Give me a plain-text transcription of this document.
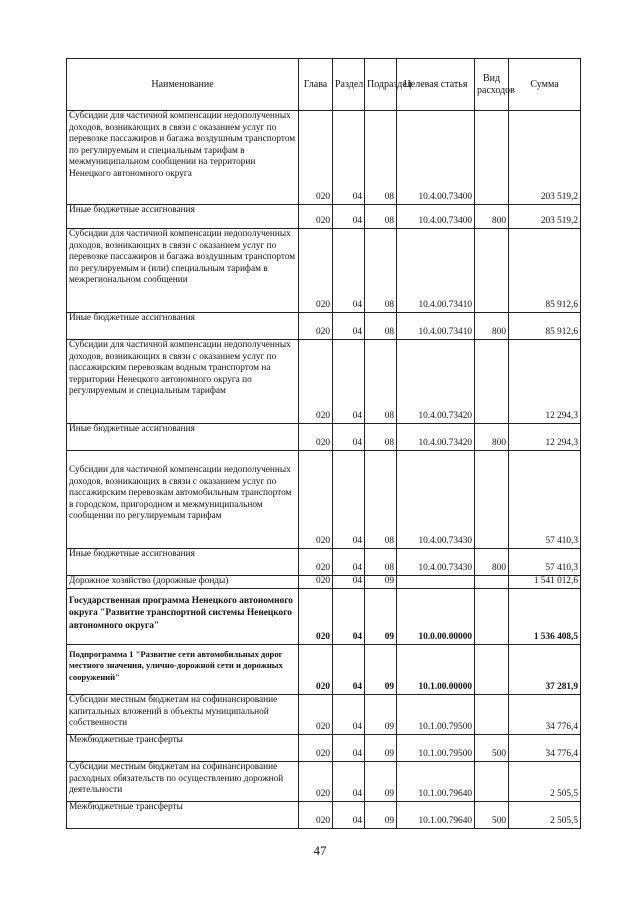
Наименование	Глава	Раздел	Подраздел	Целевая статья	Вид расходов	Сумма
Субсидии для частичной компенсации недополученных доходов, возникающих в связи с оказанием услуг по перевозке пассажиров и багажа воздушным транспортом по регулируемым и специальным тарифам в межмуниципальном сообщении на территории Ненецкого автономного округа	020	04	08	10.4.00.73400		203 519,2
Иные бюджетные ассигнования	020	04	08	10.4.00.73400	800	203 519,2
Субсидии для частичной компенсации недополученных доходов, возникающих в связи с оказанием услуг по перевозке пассажиров и багажа воздушным транспортом по регулируемым и (или) специальным тарифам в межрегиональном сообщении	020	04	08	10.4.00.73410		85 912,6
Иные бюджетные ассигнования	020	04	08	10.4.00.73410	800	85 912,6
Субсидии для частичной компенсации недополученных доходов, возникающих в связи с оказанием услуг по пассажирским перевозкам водным транспортом на территории Ненецкого автономного округа по регулируемым и специальным тарифам	020	04	08	10.4.00.73420		12 294,3
Иные бюджетные ассигнования	020	04	08	10.4.00.73420	800	12 294,3
Субсидии для частичной компенсации недополученных доходов, возникающих в связи с оказанием услуг по пассажирским перевозкам автомобильным транспортом в городском, пригородном и межмуниципальном сообщении по регулируемым тарифам	020	04	08	10.4.00.73430		57 410,3
Иные бюджетные ассигнования	020	04	08	10.4.00.73430	800	57 410,3
Дорожное хозяйство (дорожные фонды)	020	04	09			1 541 012,6
Государственная программа Ненецкого автономного округа "Развитие транспортной системы Ненецкого автономного округа"	020	04	09	10.0.00.00000		1 536 408,5
Подпрограмма 1 "Развитие сети автомобильных дорог местного значения, улично-дорожной сети и дорожных сооружений"	020	04	09	10.1.00.00000		37 281,9
Субсидии местным бюджетам на софинансирование капитальных вложений в объекты муниципальной собственности	020	04	09	10.1.00.79500		34 776,4
Межбюджетные трансферты	020	04	09	10.1.00.79500	500	34 776,4
Субсидии местным бюджетам на софинансирование расходных обязательств по осуществлению дорожной деятельности	020	04	09	10.1.00.79640		2 505,5
Межбюджетные трансферты	020	04	09	10.1.00.79640	500	2 505,5
47
